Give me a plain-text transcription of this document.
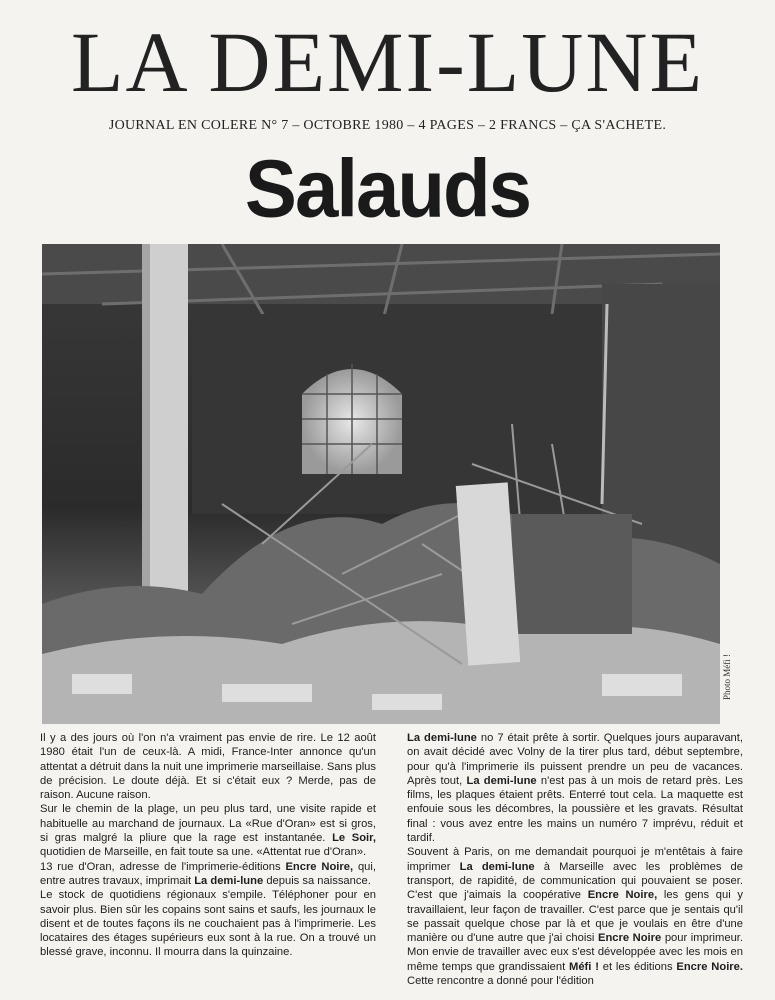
LA DEMI-LUNE
JOURNAL EN COLERE N° 7 – OCTOBRE 1980 – 4 PAGES – 2 FRANCS – ÇA S'ACHETE.
Salauds
Photo Méfi !

Il y a des jours où l'on n'a vraiment pas envie de rire. Le 12 août 1980 était l'un de ceux-là. A midi, France-Inter annonce qu'un attentat a détruit dans la nuit une imprimerie marseillaise. Sans plus de précision. Le doute déjà. Et si c'était eux ? Merde, pas de raison. Aucune raison.

Sur le chemin de la plage, un peu plus tard, une visite rapide et habituelle au marchand de journaux. La «Rue d'Oran» est si gros, si gras malgré la pliure que la rage est instantanée. Le Soir, quotidien de Marseille, en fait toute sa une. «Attentat rue d'Oran».

13 rue d'Oran, adresse de l'imprimerie-éditions Encre Noire, qui, entre autres travaux, imprimait La demi-lune depuis sa naissance.

Le stock de quotidiens régionaux s'empile. Téléphoner pour en savoir plus. Bien sûr les copains sont sains et saufs, les journaux le disent et de toutes façons ils ne couchaient pas à l'imprimerie. Les locataires des étages supérieurs eux sont à la rue. On a trouvé un blessé grave, inconnu. Il mourra dans la quinzaine.

La demi-lune no 7 était prête à sortir. Quelques jours auparavant, on avait décidé avec Volny de la tirer plus tard, début septembre, pour qu'à l'imprimerie ils puissent prendre un peu de vacances. Après tout, La demi-lune n'est pas à un mois de retard près. Les films, les plaques étaient prêts. Enterré tout cela. La maquette est enfouie sous les décombres, la poussière et les gravats. Résultat final : vous avez entre les mains un numéro 7 imprévu, réduit et tardif.

Souvent à Paris, on me demandait pourquoi je m'entêtais à faire imprimer La demi-lune à Marseille avec les problèmes de transport, de rapidité, de communication qui pouvaient se poser. C'est que j'aimais la coopérative Encre Noire, les gens qui y travaillaient, leur façon de travailler. C'est parce que je sentais qu'il se passait quelque chose par là et que je voulais en être d'une manière ou d'une autre que j'ai choisi Encre Noire pour imprimeur. Mon envie de travailler avec eux s'est développée avec les mois en même temps que grandissaient Méfi ! et les éditions Encre Noire. Cette rencontre a donné pour l'édition
